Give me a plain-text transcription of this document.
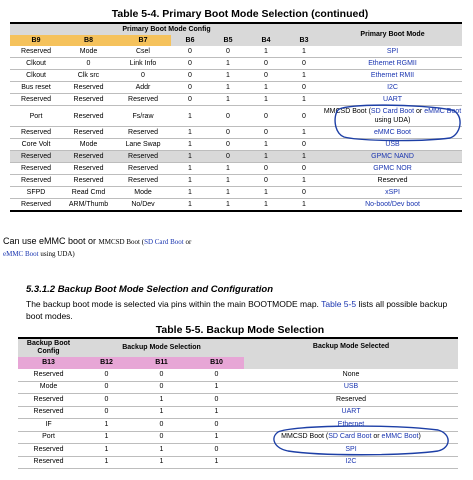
Table 5-4. Primary Boot Mode Selection (continued)
Primary Boot Mode Config							Primary Boot Mode
B9	B8	B7	B6	B5	B4	B3	
Reserved	Mode	Csel	0	0	1	1	SPI
Clkout	0	Link Info	0	1	0	0	Ethernet RGMII
Clkout	Clk src	0	0	1	0	1	Ethernet RMII
Bus reset	Reserved	Addr	0	1	1	0	I2C
Reserved	Reserved	Reserved	0	1	1	1	UART
Port	Reserved	Fs/raw	1	0	0	0	MMCSD Boot (SD Card Boot or eMMC Boot using UDA)
Reserved	Reserved	Reserved	1	0	0	1	eMMC Boot
Core Volt	Mode	Lane Swap	1	0	1	0	USB
Reserved	Reserved	Reserved	1	0	1	1	GPMC NAND
Reserved	Reserved	Reserved	1	1	0	0	GPMC NOR
Reserved	Reserved	Reserved	1	1	0	1	Reserved
SFPD	Read Cmd	Mode	1	1	1	0	xSPI
Reserved	ARM/Thumb	No/Dev	1	1	1	1	No-boot/Dev boot
Can use eMMC boot or MMCSD Boot (SD Card Boot or
eMMC Boot using UDA)
5.3.1.2 Backup Boot Mode Selection and Configuration
The backup boot mode is selected via pins within the main BOOTMODE map. Table 5-5 lists all possible backup
boot modes.
Table 5-5. Backup Mode Selection
Backup Boot Config	Backup Mode Selection			Backup Mode Selected
B13	B12	B11	B10	
Reserved	0	0	0	None
Mode	0	0	1	USB
Reserved	0	1	0	Reserved
Reserved	0	1	1	UART
IF	1	0	0	Ethernet
Port	1	0	1	MMCSD Boot (SD Card Boot or eMMC Boot)
Reserved	1	1	0	SPI
Reserved	1	1	1	I2C
